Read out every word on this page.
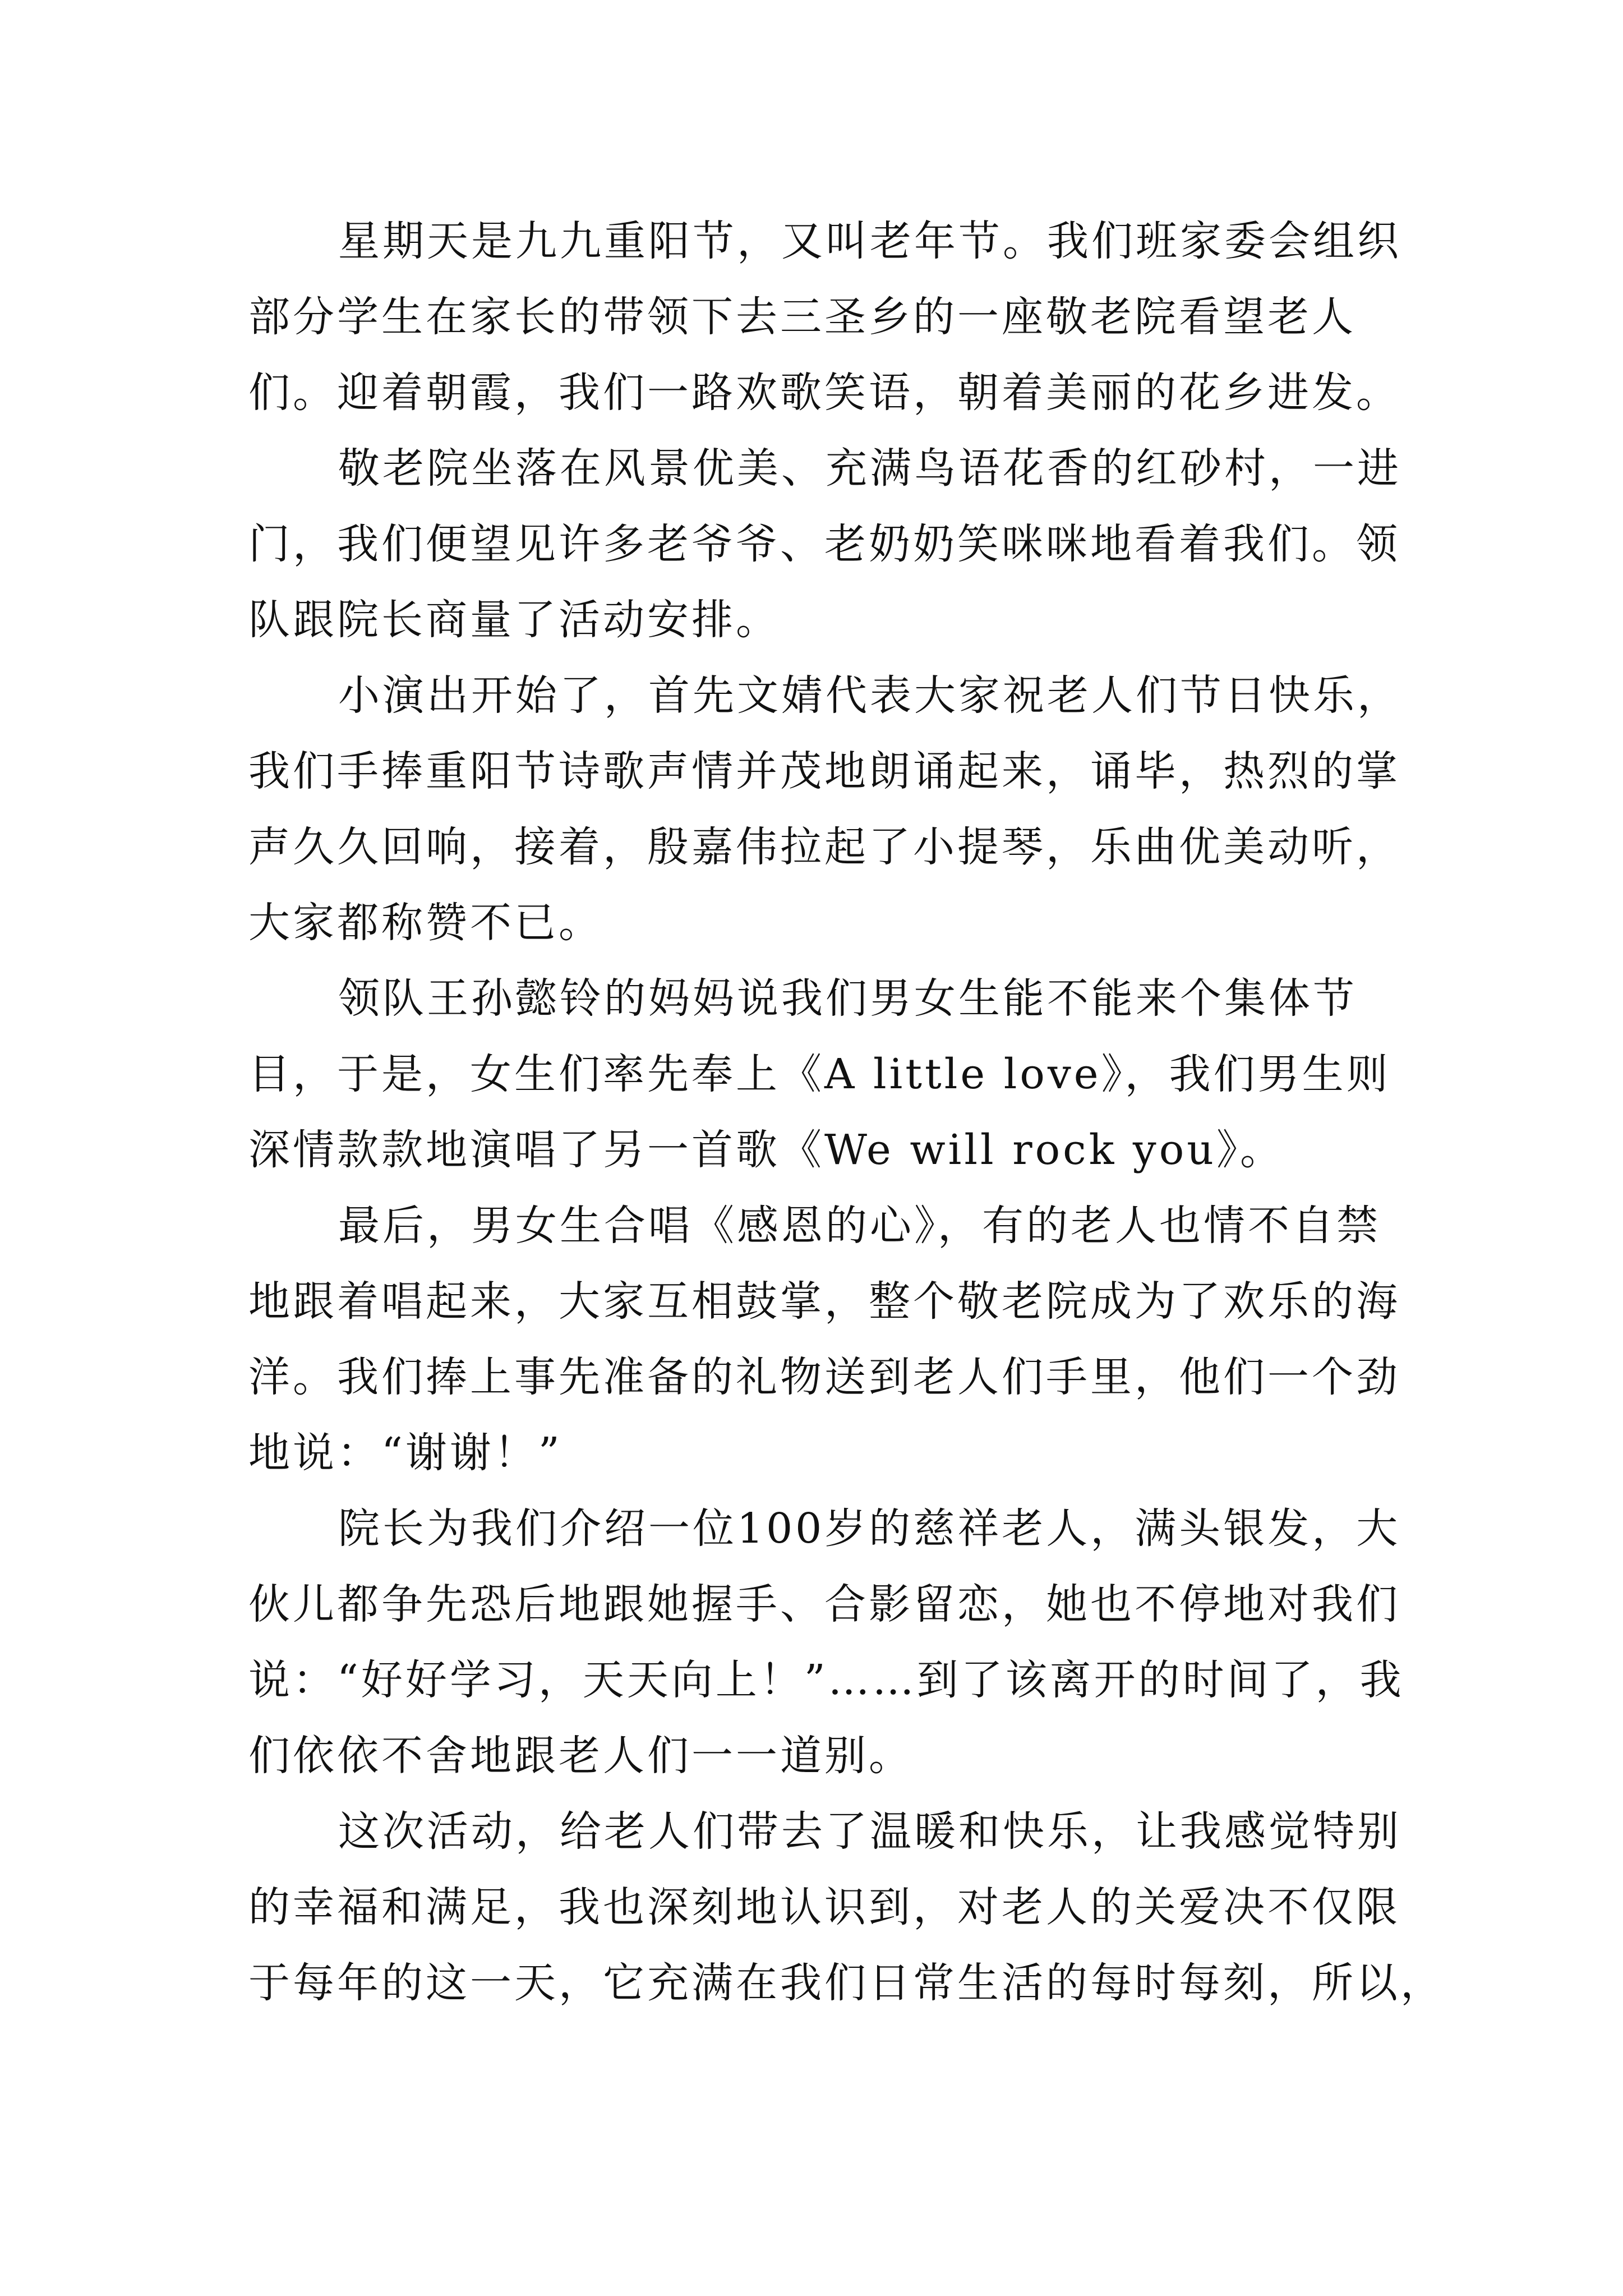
星期天是九九重阳节，又叫老年节。我们班家委会组织
部分学生在家长的带领下去三圣乡的一座敬老院看望老人
们。迎着朝霞，我们一路欢歌笑语，朝着美丽的花乡进发。
敬老院坐落在风景优美、充满鸟语花香的红砂村，一进
门，我们便望见许多老爷爷、老奶奶笑咪咪地看着我们。领
队跟院长商量了活动安排。
小演出开始了，首先文婧代表大家祝老人们节日快乐，
我们手捧重阳节诗歌声情并茂地朗诵起来，诵毕，热烈的掌
声久久回响，接着，殷嘉伟拉起了小提琴，乐曲优美动听，
大家都称赞不已。
领队王孙懿铃的妈妈说我们男女生能不能来个集体节
目，于是，女生们率先奉上《A little love》，我们男生则
深情款款地演唱了另一首歌《We will rock you》。
最后，男女生合唱《感恩的心》，有的老人也情不自禁
地跟着唱起来，大家互相鼓掌，整个敬老院成为了欢乐的海
洋。我们捧上事先准备的礼物送到老人们手里，他们一个劲
地说：“谢谢！”
院长为我们介绍一位100岁的慈祥老人，满头银发，大
伙儿都争先恐后地跟她握手、合影留恋，她也不停地对我们
说：“好好学习，天天向上！”……到了该离开的时间了，我
们依依不舍地跟老人们一一道别。
这次活动，给老人们带去了温暖和快乐，让我感觉特别
的幸福和满足，我也深刻地认识到，对老人的关爱决不仅限
于每年的这一天，它充满在我们日常生活的每时每刻，所以，
